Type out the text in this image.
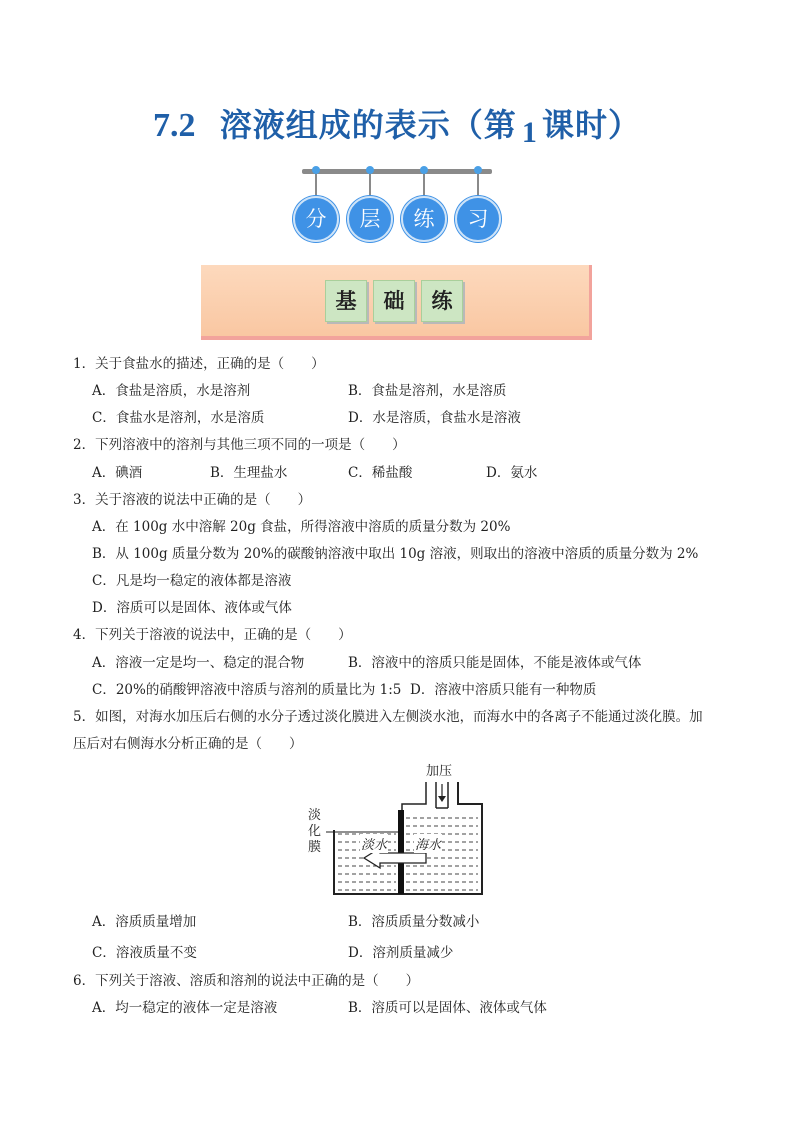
7.2 溶液组成的表示（第 1 课时）
分	层	练	习
基	础	练
1．关于食盐水的描述，正确的是（　　）
A．食盐是溶质，水是溶剂	B．食盐是溶剂，水是溶质
C．食盐水是溶剂，水是溶质	D．水是溶质，食盐水是溶液
2．下列溶液中的溶剂与其他三项不同的一项是（　　）
A．碘酒	B．生理盐水	C．稀盐酸	D．氨水
3．关于溶液的说法中正确的是（　　）
A．在 100g 水中溶解 20g 食盐，所得溶液中溶质的质量分数为 20%
B．从 100g 质量分数为 20%的碳酸钠溶液中取出 10g 溶液，则取出的溶液中溶质的质量分数为 2%
C．凡是均一稳定的液体都是溶液
D．溶质可以是固体、液体或气体
4．下列关于溶液的说法中，正确的是（　　）
A．溶液一定是均一、稳定的混合物	B．溶液中的溶质只能是固体，不能是液体或气体
C．20%的硝酸钾溶液中溶质与溶剂的质量比为 1:5 D．溶液中溶质只能有一种物质
5．如图，对海水加压后右侧的水分子透过淡化膜进入左侧淡水池，而海水中的各离子不能通过淡化膜。加
压后对右侧海水分析正确的是（　　）
加压
淡
化
膜	淡水 海水
A．溶质质量增加	B．溶质质量分数减小
C．溶液质量不变	D．溶剂质量减少
6．下列关于溶液、溶质和溶剂的说法中正确的是（　　）
A．均一稳定的液体一定是溶液	B．溶质可以是固体、液体或气体
